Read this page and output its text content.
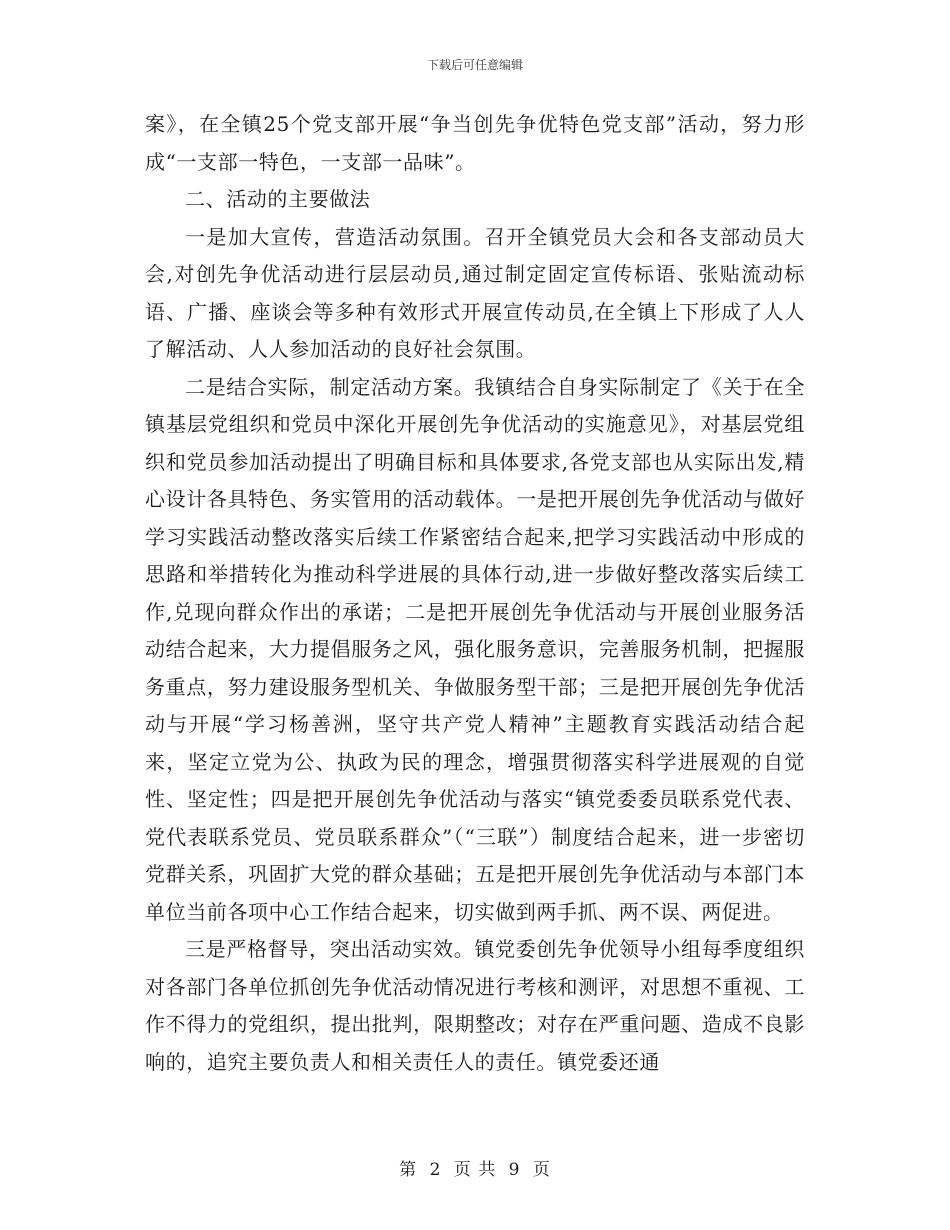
下载后可任意编辑

案》，在全镇25个党支部开展“争当创先争优特色党支部”活动，努力形成“一支部一特色，一支部一品味”。

二、活动的主要做法

一是加大宣传，营造活动氛围。召开全镇党员大会和各支部动员大会,对创先争优活动进行层层动员,通过制定固定宣传标语、张贴流动标语、广播、座谈会等多种有效形式开展宣传动员,在全镇上下形成了人人了解活动、人人参加活动的良好社会氛围。

二是结合实际，制定活动方案。我镇结合自身实际制定了《关于在全镇基层党组织和党员中深化开展创先争优活动的实施意见》，对基层党组织和党员参加活动提出了明确目标和具体要求,各党支部也从实际出发,精心设计各具特色、务实管用的活动载体。一是把开展创先争优活动与做好学习实践活动整改落实后续工作紧密结合起来,把学习实践活动中形成的思路和举措转化为推动科学进展的具体行动,进一步做好整改落实后续工作,兑现向群众作出的承诺；二是把开展创先争优活动与开展创业服务活动结合起来，大力提倡服务之风，强化服务意识，完善服务机制，把握服务重点，努力建设服务型机关、争做服务型干部；三是把开展创先争优活动与开展“学习杨善洲，坚守共产党人精神”主题教育实践活动结合起来，坚定立党为公、执政为民的理念，增强贯彻落实科学进展观的自觉性、坚定性；四是把开展创先争优活动与落实“镇党委委员联系党代表、党代表联系党员、党员联系群众”（“三联”）制度结合起来，进一步密切党群关系，巩固扩大党的群众基础；五是把开展创先争优活动与本部门本单位当前各项中心工作结合起来，切实做到两手抓、两不误、两促进。

三是严格督导，突出活动实效。镇党委创先争优领导小组每季度组织对各部门各单位抓创先争优活动情况进行考核和测评，对思想不重视、工作不得力的党组织，提出批判，限期整改；对存在严重问题、造成不良影响的，追究主要负责人和相关责任人的责任。镇党委还通

第 2 页 共 9 页
